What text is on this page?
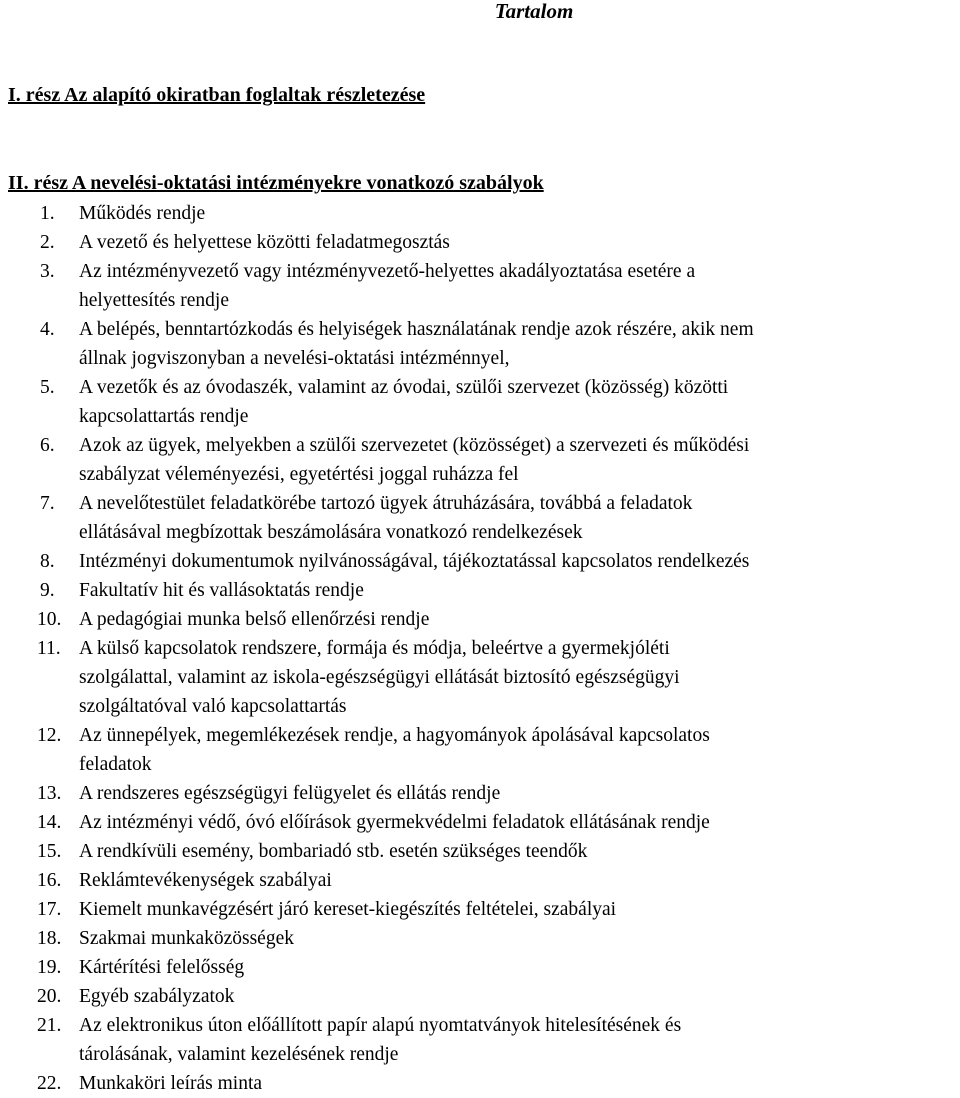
Tartalom
I. rész Az alapító okiratban foglaltak részletezése
II. rész A nevelési-oktatási intézményekre vonatkozó szabályok
1. Működés rendje
2. A vezető és helyettese közötti feladatmegosztás
3. Az intézményvezető vagy intézményvezető-helyettes akadályoztatása esetére a
helyettesítés rendje
4. A belépés, benntartózkodás és helyiségek használatának rendje azok részére, akik nem
állnak jogviszonyban a nevelési-oktatási intézménnyel,
5. A vezetők és az óvodaszék, valamint az óvodai, szülői szervezet (közösség) közötti
kapcsolattartás rendje
6. Azok az ügyek, melyekben a szülői szervezetet (közösséget) a szervezeti és működési
szabályzat véleményezési, egyetértési joggal ruházza fel
7. A nevelőtestület feladatkörébe tartozó ügyek átruházására, továbbá a feladatok
ellátásával megbízottak beszámolására vonatkozó rendelkezések
8. Intézményi dokumentumok nyilvánosságával, tájékoztatással kapcsolatos rendelkezés
9. Fakultatív hit és vallásoktatás rendje
10. A pedagógiai munka belső ellenőrzési rendje
11. A külső kapcsolatok rendszere, formája és módja, beleértve a gyermekjóléti
szolgálattal, valamint az iskola-egészségügyi ellátását biztosító egészségügyi
szolgáltatóval való kapcsolattartás
12. Az ünnepélyek, megemlékezések rendje, a hagyományok ápolásával kapcsolatos
feladatok
13. A rendszeres egészségügyi felügyelet és ellátás rendje
14. Az intézményi védő, óvó előírások gyermekvédelmi feladatok ellátásának rendje
15. A rendkívüli esemény, bombariadó stb. esetén szükséges teendők
16. Reklámtevékenységek szabályai
17. Kiemelt munkavégzésért járó kereset-kiegészítés feltételei, szabályai
18. Szakmai munkaközösségek
19. Kártérítési felelősség
20. Egyéb szabályzatok
21. Az elektronikus úton előállított papír alapú nyomtatványok hitelesítésének és
tárolásának, valamint kezelésének rendje
22. Munkaköri leírás minta
